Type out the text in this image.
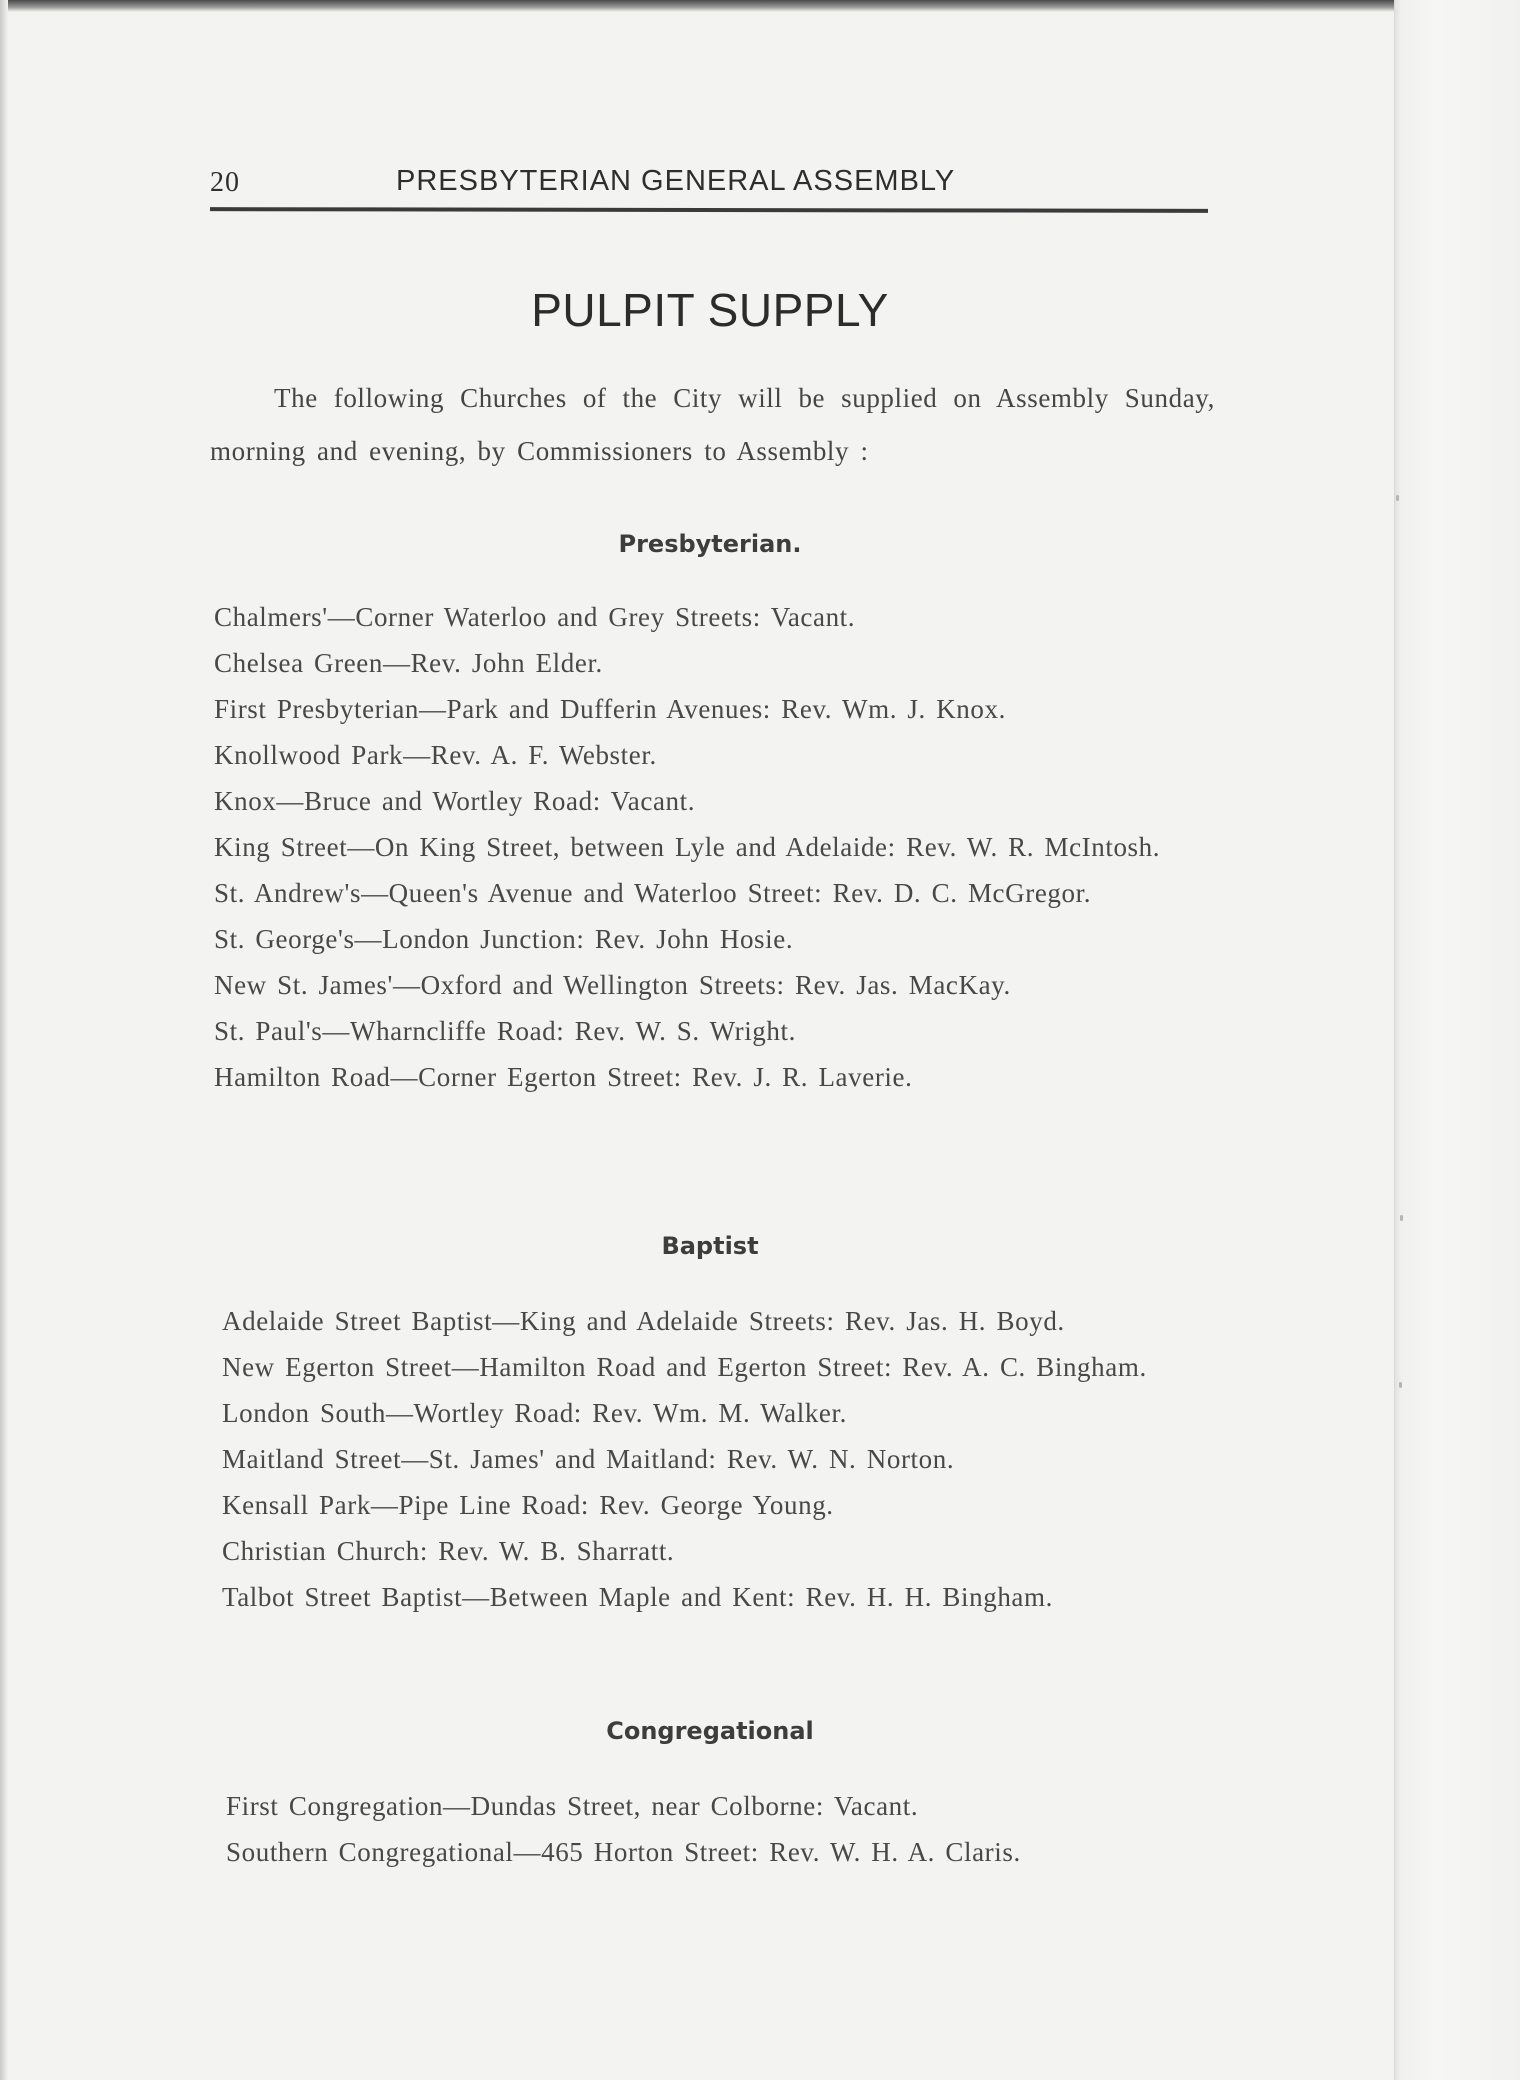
20	PRESBYTERIAN GENERAL ASSEMBLY
PULPIT SUPPLY

The following Churches of the City will be supplied on Assembly Sunday, morning and evening, by Commissioners to Assembly :

Presbyterian.
Chalmers'—Corner Waterloo and Grey Streets: Vacant.
Chelsea Green—Rev. John Elder.
First Presbyterian—Park and Dufferin Avenues: Rev. Wm. J. Knox.
Knollwood Park—Rev. A. F. Webster.
Knox—Bruce and Wortley Road: Vacant.
King Street—On King Street, between Lyle and Adelaide: Rev. W. R. McIntosh.
St. Andrew's—Queen's Avenue and Waterloo Street: Rev. D. C. McGregor.
St. George's—London Junction: Rev. John Hosie.
New St. James'—Oxford and Wellington Streets: Rev. Jas. MacKay.
St. Paul's—Wharncliffe Road: Rev. W. S. Wright.
Hamilton Road—Corner Egerton Street: Rev. J. R. Laverie.
Baptist
Adelaide Street Baptist—King and Adelaide Streets: Rev. Jas. H. Boyd.
New Egerton Street—Hamilton Road and Egerton Street: Rev. A. C. Bingham.
London South—Wortley Road: Rev. Wm. M. Walker.
Maitland Street—St. James' and Maitland: Rev. W. N. Norton.
Kensall Park—Pipe Line Road: Rev. George Young.
Christian Church: Rev. W. B. Sharratt.
Talbot Street Baptist—Between Maple and Kent: Rev. H. H. Bingham.
Congregational
First Congregation—Dundas Street, near Colborne: Vacant.
Southern Congregational—465 Horton Street: Rev. W. H. A. Claris.
